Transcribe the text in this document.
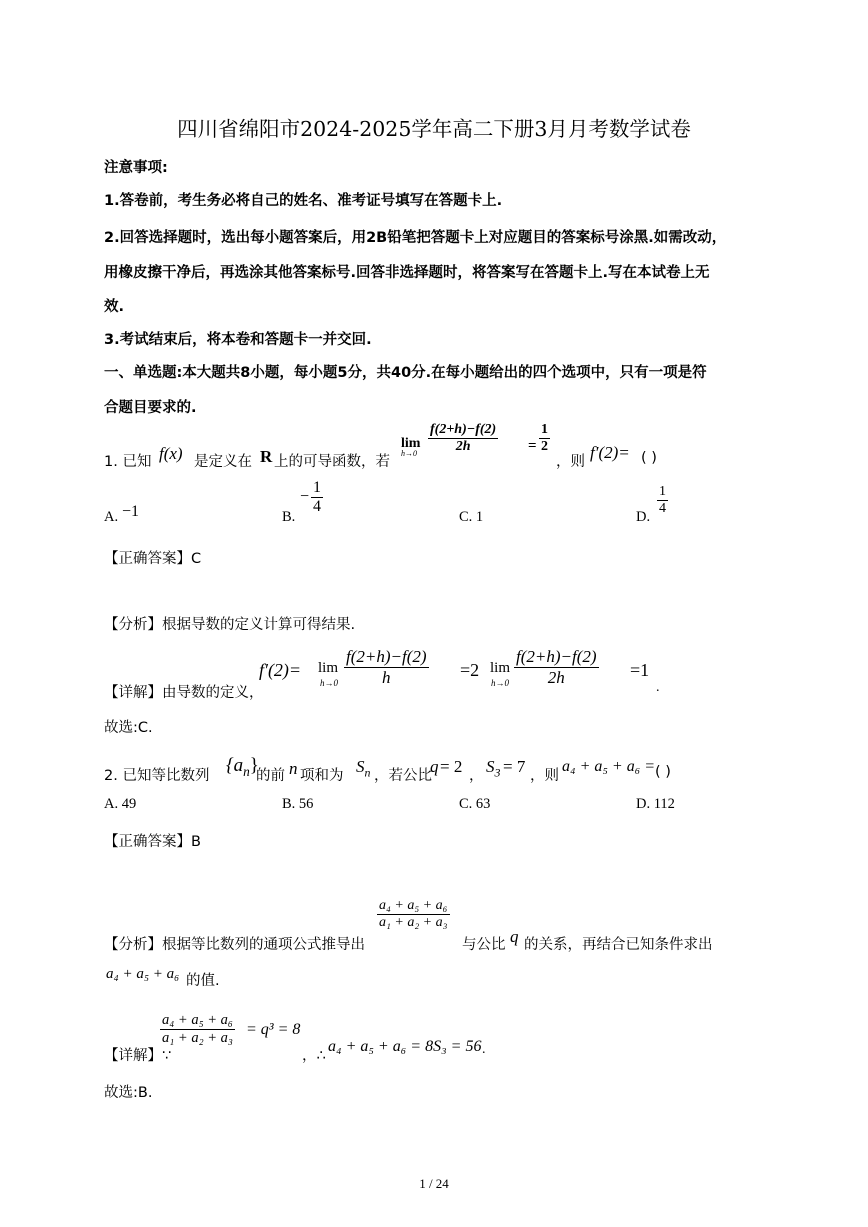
四川省绵阳市2024-2025学年高二下册3月月考数学试卷
注意事项:
1.答卷前，考生务必将自己的姓名、准考证号填写在答题卡上.
2.回答选择题时，选出每小题答案后，用2B铅笔把答题卡上对应题目的答案标号涂黑.如需改动，
用橡皮擦干净后，再选涂其他答案标号.回答非选择题时，将答案写在答题卡上.写在本试卷上无
效.
3.考试结束后，将本卷和答题卡一并交回.
一、单选题:本大题共8小题，每小题5分，共40分.在每小题给出的四个选项中，只有一项是符
合题目要求的.
1. 已知 f(x) 是定义在 R 上的可导函数，若
lim
$h\to 0 \frac{f(2+h)-f(2)}{2h} = \frac{1}{2}$
，则 f′(2)= ( )
A. −1	B.
− $\frac{1}{4}$
C. 1	D. $\frac{1}{4}$
【正确答案】C
【分析】根据导数的定义计算可得结果.
【详解】由导数的定义，
f′(2)= lim
$h\to 0 \frac{f(2+h)-f(2)}{h} =2$ lim
$h\to 0 \frac{f(2+h)-f(2)}{2h} =1$
.
故选:C.
2. 已知等比数列 $\{a_n\}$
的前 n 项和为 $S_n$ ，若公比
q = 2 ， $S_3 = 7$ ，则
a₄ + a₅ + a₆ = ( )
A. 49	B. 56	C. 63	D. 112
【正确答案】B
【分析】根据等比数列的通项公式推导出
$\frac{\text{a₄ + a₅ + a₆}}{\text{a₁ + a₂ + a₃}}$
与公比 q 的关系，再结合已知条件求出
a₄ + a₅ + a₆ 的值.
【详解】∵
$\frac{\text{a₄ + a₅ + a₆}}{\text{a₁ + a₂ + a₃}} = q^3 = 8$
，∴
a₄ + a₅ + a₆ = 8S₃ = 56 .
故选:B.
1 / 24
